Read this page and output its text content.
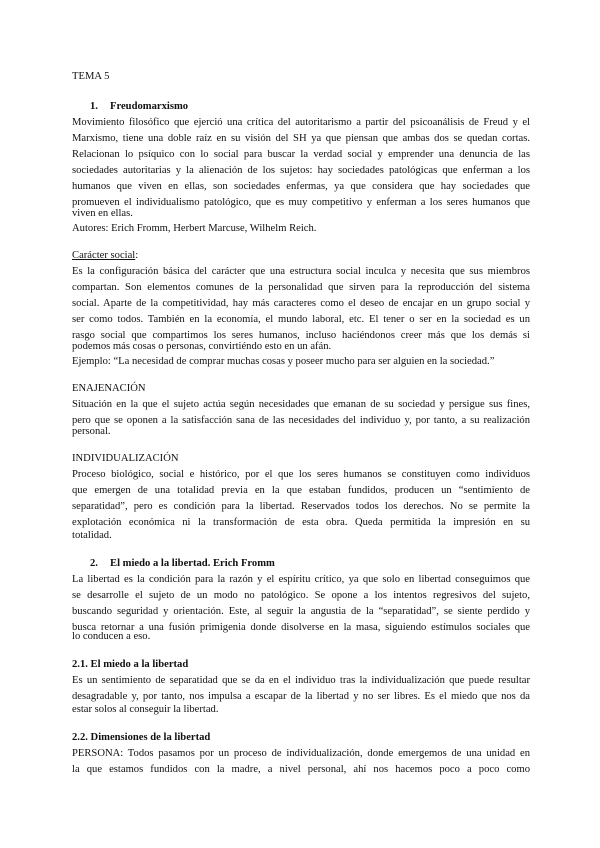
TEMA 5
1. Freudomarxismo
Movimiento filosófico que ejerció una crítica del autoritarismo a partir del psicoanálisis de Freud y el
Marxismo, tiene una doble raíz en su visión del SH ya que piensan que ambas dos se quedan cortas.
Relacionan lo psíquico con lo social para buscar la verdad social y emprender una denuncia de las
sociedades autoritarias y la alienación de los sujetos: hay sociedades patológicas que enferman a los
humanos que viven en ellas, son sociedades enfermas, ya que considera que hay sociedades que
promueven el individualismo patológico, que es muy competitivo y enferman a los seres humanos que
viven en ellas.
Autores: Erich Fromm, Herbert Marcuse, Wilhelm Reich.
Carácter social:
Es la configuración básica del carácter que una estructura social inculca y necesita que sus miembros
compartan. Son elementos comunes de la personalidad que sirven para la reproducción del sistema
social. Aparte de la competitividad, hay más caracteres como el deseo de encajar en un grupo social y
ser como todos. También en la economía, el mundo laboral, etc. El tener o ser en la sociedad es un
rasgo social que compartimos los seres humanos, incluso haciéndonos creer más que los demás si
podemos más cosas o personas, convirtiéndo esto en un afán.
Ejemplo: “La necesidad de comprar muchas cosas y poseer mucho para ser alguien en la sociedad.”
ENAJENACIÓN
Situación en la que el sujeto actúa según necesidades que emanan de su sociedad y persigue sus fines,
pero que se oponen a la satisfacción sana de las necesidades del individuo y, por tanto, a su realización
personal.
INDIVIDUALIZACIÓN
Proceso biológico, social e histórico, por el que los seres humanos se constituyen como individuos
que emergen de una totalidad previa en la que estaban fundidos, producen un “sentimiento de
separatidad”, pero es condición para la libertad. Reservados todos los derechos. No se permite la
explotación económica ni la transformación de esta obra. Queda permitida la impresión en su
totalidad.
2. El miedo a la libertad. Erich Fromm
La libertad es la condición para la razón y el espíritu crítico, ya que solo en libertad conseguimos que
se desarrolle el sujeto de un modo no patológico. Se opone a los intentos regresivos del sujeto,
buscando seguridad y orientación. Este, al seguir la angustia de la “separatidad”, se siente perdido y
busca retornar a una fusión primigenia donde disolverse en la masa, siguiendo estímulos sociales que
lo conducen a eso.
2.1. El miedo a la libertad
Es un sentimiento de separatidad que se da en el individuo tras la individualización que puede resultar
desagradable y, por tanto, nos impulsa a escapar de la libertad y no ser libres. Es el miedo que nos da
estar solos al conseguir la libertad.
2.2. Dimensiones de la libertad
PERSONA: Todos pasamos por un proceso de individualización, donde emergemos de una unidad en
la que estamos fundidos con la madre, a nivel personal, ahí nos hacemos poco a poco como
